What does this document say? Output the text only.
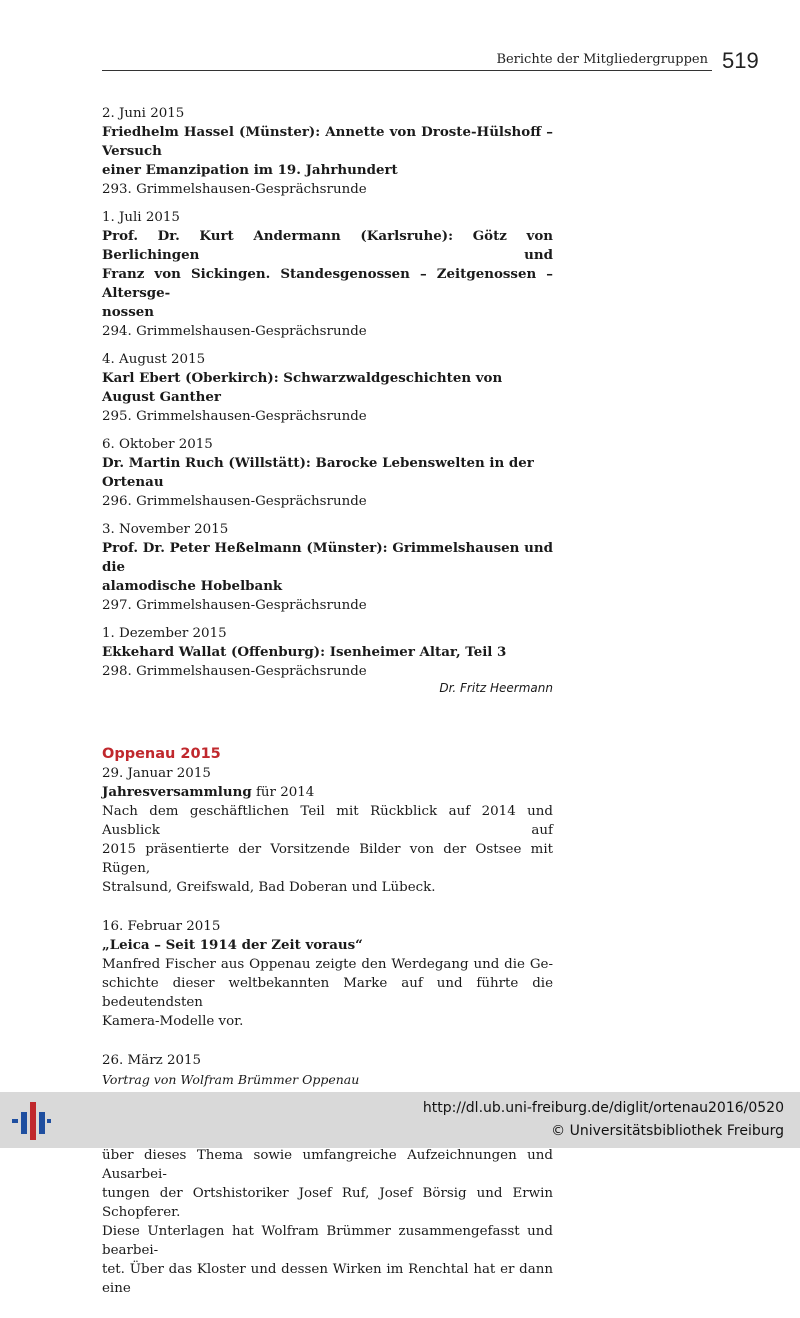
Berichte der Mitgliedergruppen 519
2. Juni 2015
Friedhelm Hassel (Münster): Annette von Droste-Hülshoff – Versuch
einer Emanzipation im 19. Jahrhundert
293. Grimmelshausen-Gesprächsrunde
1. Juli 2015
Prof. Dr. Kurt Andermann (Karlsruhe): Götz von Berlichingen und
Franz von Sickingen. Standesgenossen – Zeitgenossen – Altersge-
nossen
294. Grimmelshausen-Gesprächsrunde
4. August 2015
Karl Ebert (Oberkirch): Schwarzwaldgeschichten von August Ganther
295. Grimmelshausen-Gesprächsrunde
6. Oktober 2015
Dr. Martin Ruch (Willstätt): Barocke Lebenswelten in der Ortenau
296. Grimmelshausen-Gesprächsrunde
3. November 2015
Prof. Dr. Peter Heßelmann (Münster): Grimmelshausen und die
alamodische Hobelbank
297. Grimmelshausen-Gesprächsrunde
1. Dezember 2015
Ekkehard Wallat (Offenburg): Isenheimer Altar, Teil 3
298. Grimmelshausen-Gesprächsrunde
Dr. Fritz Heermann
Oppenau 2015
29. Januar 2015
Jahresversammlung für 2014
Nach dem geschäftlichen Teil mit Rückblick auf 2014 und Ausblick auf
2015 präsentierte der Vorsitzende Bilder von der Ostsee mit Rügen,
Stralsund, Greifswald, Bad Doberan und Lübeck.
16. Februar 2015
„Leica – Seit 1914 der Zeit voraus“
Manfred Fischer aus Oppenau zeigte den Werdegang und die Ge-
schichte dieser weltbekannten Marke auf und führte die bedeutendsten
Kamera-Modelle vor.
26. März 2015
Vortrag von Wolfram Brümmer Oppenau
über dieses Thema sowie umfangreiche Aufzeichnungen und Ausarbei-
tungen der Ortshistoriker Josef Ruf, Josef Börsig und Erwin Schopferer.
Diese Unterlagen hat Wolfram Brümmer zusammengefasst und bearbei-
tet. Über das Kloster und dessen Wirken im Renchtal hat er dann eine
http://dl.ub.uni-freiburg.de/diglit/ortenau2016/0520
© Universitätsbibliothek Freiburg
